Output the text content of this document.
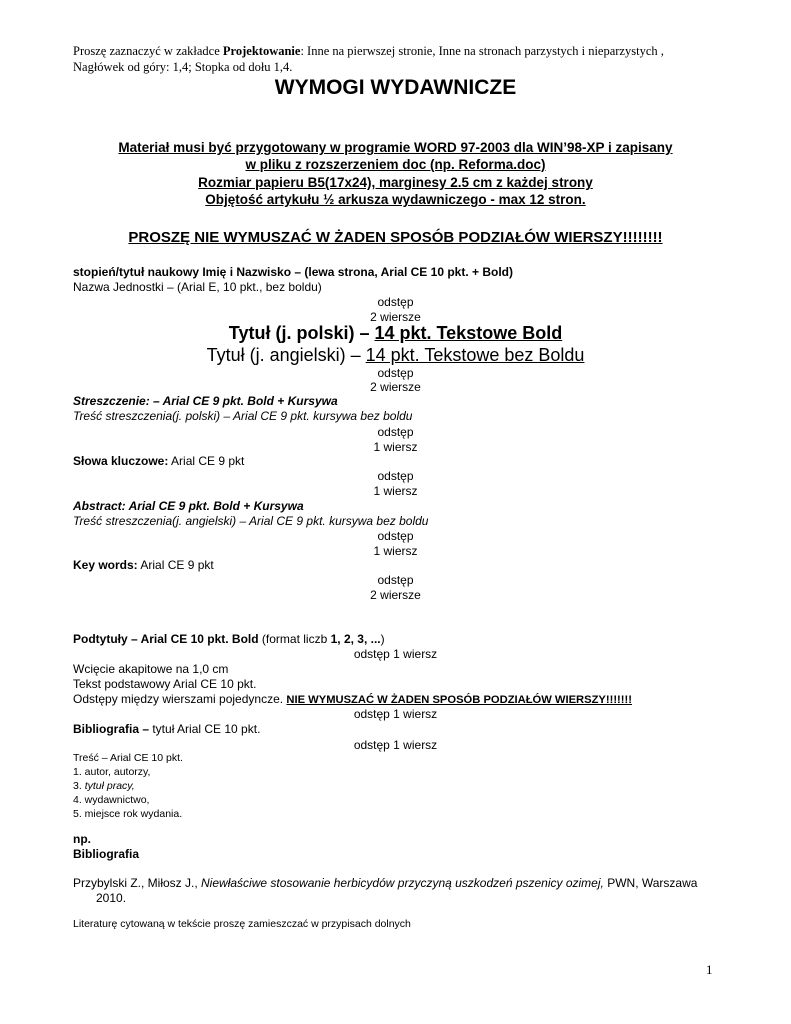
Proszę zaznaczyć w zakładce Projektowanie: Inne na pierwszej stronie, Inne na stronach parzystych i nieparzystych ,
Nagłówek od góry: 1,4; Stopka od dołu 1,4.
WYMOGI WYDAWNICZE
Materiał musi być przygotowany w programie WORD 97-2003 dla WIN’98-XP i zapisany
w pliku z rozszerzeniem doc (np. Reforma.doc)
Rozmiar papieru B5(17x24), marginesy 2.5 cm z każdej strony
Objętość artykułu ½ arkusza wydawniczego - max 12 stron.
PROSZĘ NIE WYMUSZAĆ W ŻADEN SPOSÓB PODZIAŁÓW WIERSZY!!!!!!!!
stopień/tytuł naukowy Imię i Nazwisko – (lewa strona, Arial CE 10 pkt. + Bold)
Nazwa Jednostki – (Arial E, 10 pkt., bez boldu)
odstęp
2 wiersze
Tytuł (j. polski) – 14 pkt. Tekstowe Bold
Tytuł (j. angielski) – 14 pkt. Tekstowe bez Boldu
odstęp
2 wiersze
Streszczenie: – Arial CE 9 pkt. Bold + Kursywa
Treść streszczenia(j. polski) – Arial CE 9 pkt. kursywa bez boldu
odstęp
1 wiersz
Słowa kluczowe: Arial CE 9 pkt
odstęp
1 wiersz
Abstract: Arial CE 9 pkt. Bold + Kursywa
Treść streszczenia(j. angielski) – Arial CE 9 pkt. kursywa bez boldu
odstęp
1 wiersz
Key words: Arial CE 9 pkt
odstęp
2 wiersze
Podtytuły – Arial CE 10 pkt. Bold (format liczb 1, 2, 3, ...)
odstęp 1 wiersz
Wcięcie akapitowe na 1,0 cm
Tekst podstawowy Arial CE 10 pkt.
Odstępy między wierszami pojedyncze. NIE WYMUSZAĆ W ŻADEN SPOSÓB PODZIAŁÓW WIERSZY!!!!!!!
odstęp 1 wiersz
Bibliografia – tytuł Arial CE 10 pkt.
odstęp 1 wiersz
Treść – Arial CE 10 pkt.
1. autor, autorzy,
3. tytuł pracy,
4. wydawnictwo,
5. miejsce rok wydania.
np.
Bibliografia
Przybylski Z., Miłosz J., Niewłaściwe stosowanie herbicydów przyczyną uszkodzeń pszenicy ozimej, PWN, Warszawa
2010.
Literaturę cytowaną w tekście proszę zamieszczać w przypisach dolnych
1
